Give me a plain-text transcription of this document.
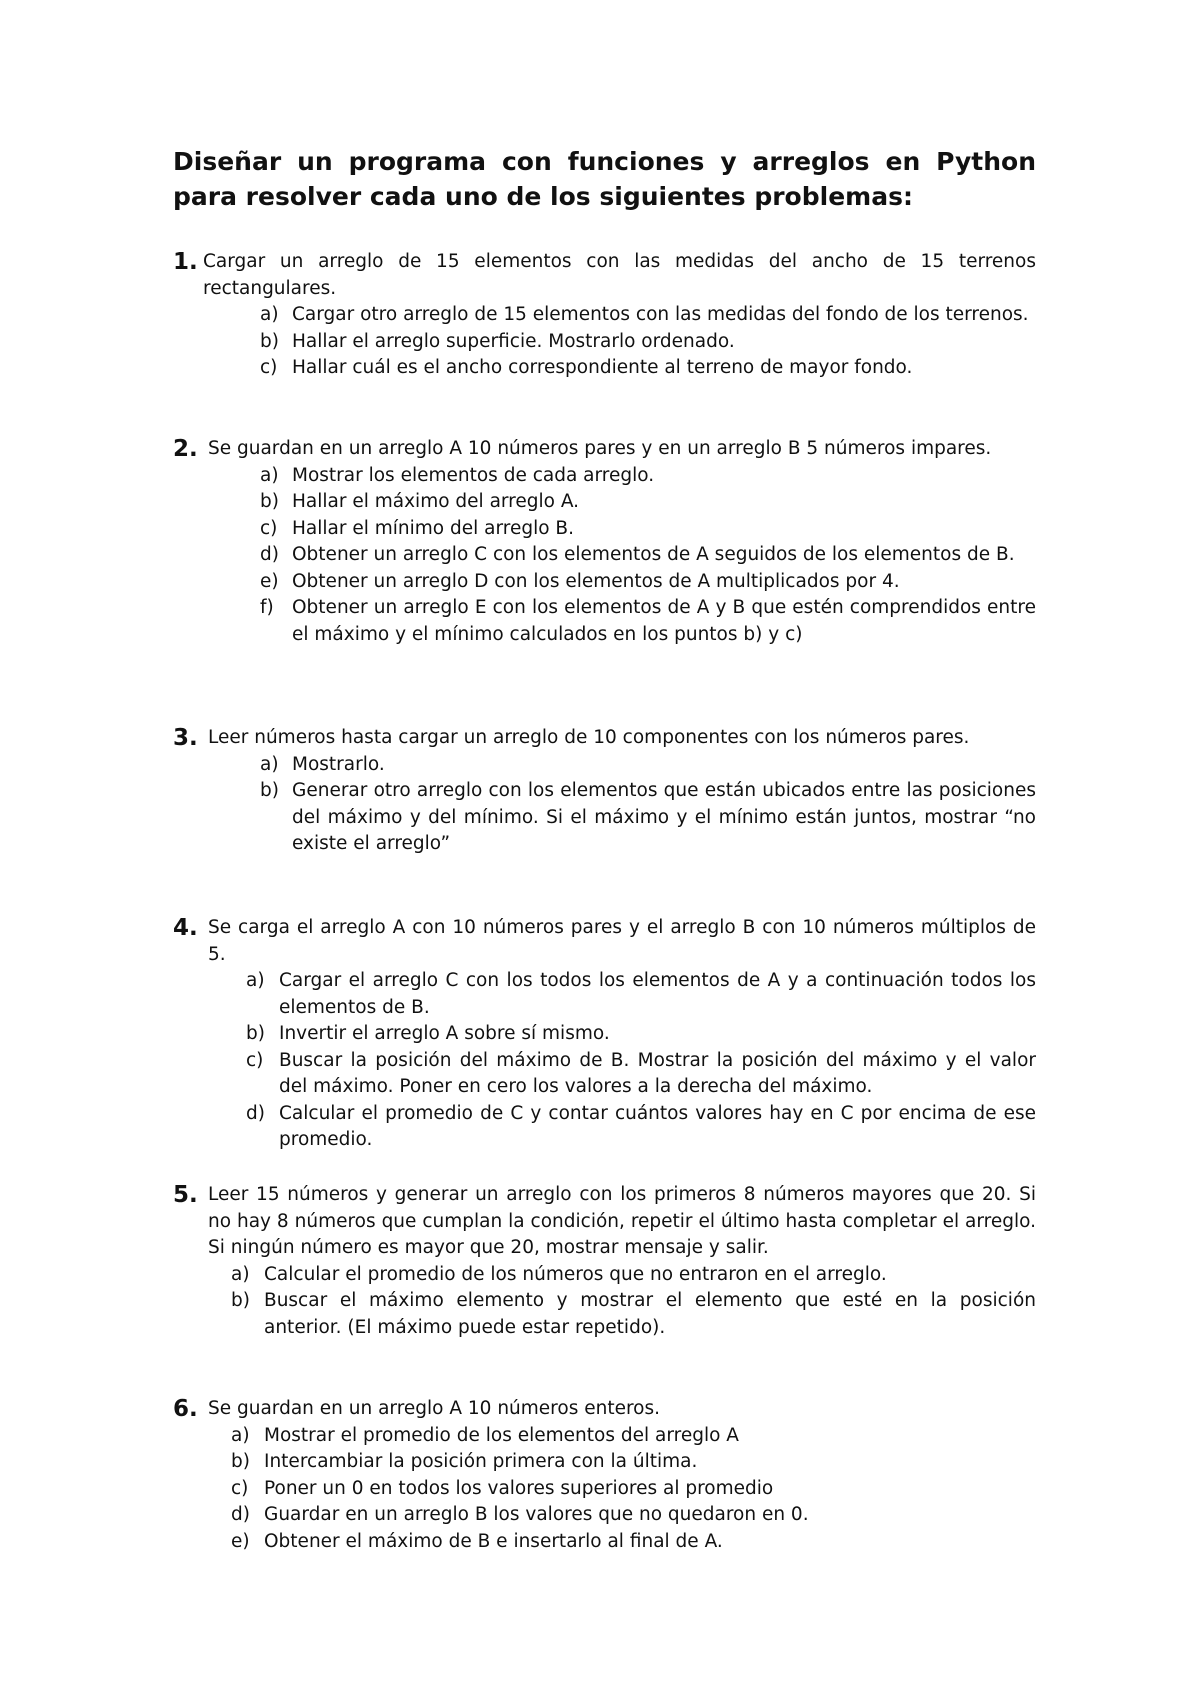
Diseñar un programa con funciones y arreglos en Python para resolver cada uno de los siguientes problemas:
1. Cargar un arreglo de 15 elementos con las medidas del ancho de 15 terrenos rectangulares.

a) Cargar otro arreglo de 15 elementos con las medidas del fondo de los terrenos.
b) Hallar el arreglo superficie. Mostrarlo ordenado.
c) Hallar cuál es el ancho correspondiente al terreno de mayor fondo.
2. Se guardan en un arreglo A 10 números pares y en un arreglo B 5 números impares.

a) Mostrar los elementos de cada arreglo.
b) Hallar el máximo del arreglo A.
c) Hallar el mínimo del arreglo B.
d) Obtener un arreglo C con los elementos de A seguidos de los elementos de B.
e) Obtener un arreglo D con los elementos de A multiplicados por 4.
f) Obtener un arreglo E con los elementos de A y B que estén comprendidos entre el máximo y el mínimo calculados en los puntos b) y c)
3. Leer números hasta cargar un arreglo de 10 componentes con los números pares.

a) Mostrarlo.
b) Generar otro arreglo con los elementos que están ubicados entre las posiciones del máximo y del mínimo. Si el máximo y el mínimo están juntos, mostrar “no existe el arreglo”
4. Se carga el arreglo A con 10 números pares y el arreglo B con 10 números múltiplos de 5.

a) Cargar el arreglo C con los todos los elementos de A y a continuación todos los elementos de B.
b) Invertir el arreglo A sobre sí mismo.
c) Buscar la posición del máximo de B. Mostrar la posición del máximo y el valor del máximo. Poner en cero los valores a la derecha del máximo.
d) Calcular el promedio de C y contar cuántos valores hay en C por encima de ese promedio.
5. Leer 15 números y generar un arreglo con los primeros 8 números mayores que 20. Si no hay 8 números que cumplan la condición, repetir el último hasta completar el arreglo. Si ningún número es mayor que 20, mostrar mensaje y salir.

a) Calcular el promedio de los números que no entraron en el arreglo.
b) Buscar el máximo elemento y mostrar el elemento que esté en la posición anterior. (El máximo puede estar repetido).
6. Se guardan en un arreglo A 10 números enteros.

a) Mostrar el promedio de los elementos del arreglo A
b) Intercambiar la posición primera con la última.
c) Poner un 0 en todos los valores superiores al promedio
d) Guardar en un arreglo B los valores que no quedaron en 0.
e) Obtener el máximo de B e insertarlo al final de A.
